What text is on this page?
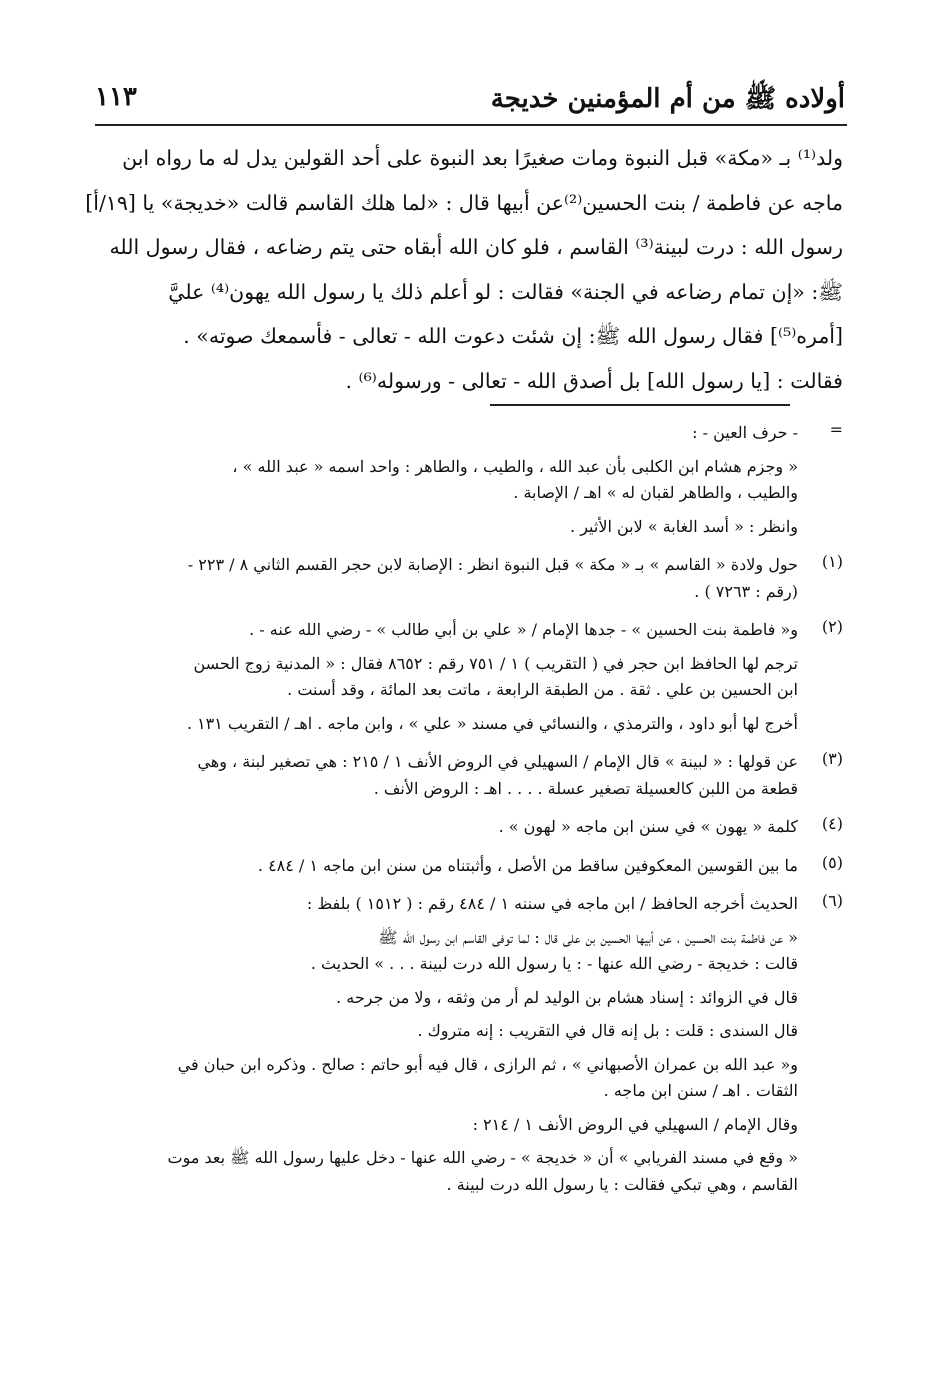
أولاده ﷺ من أم المؤمنين خديجة
١١٣
ولد⁽¹⁾ بـ «مكة» قبل النبوة ومات صغيرًا بعد النبوة على أحد القولين يدل له ما رواه ابن
ماجه عن فاطمة / بنت الحسين⁽²⁾عن أبيها قال : «لما هلك القاسم قالت «خديجة» يا [١٩/أ]
رسول الله : درت لبينة⁽³⁾ القاسم ، فلو كان الله أبقاه حتى يتم رضاعه ، فقال رسول الله
ﷺ: «إن تمام رضاعه في الجنة» فقالت : لو أعلم ذلك يا رسول الله يهون⁽⁴⁾ عليَّ
[أمره⁽⁵⁾] فقال رسول الله ﷺ: إن شئت دعوت الله - تعالى - فأسمعك صوته» .
فقالت : [يا رسول الله] بل أصدق الله - تعالى - ورسوله⁽⁶⁾ .
=
- حرف العين - :
« وجزم هشام ابن الكلبى بأن عبد الله ، والطيب ، والطاهر : واحد اسمه « عبد الله » ،
والطيب ، والطاهر لقبان له » اهـ / الإصابة .
وانظر : « أسد الغابة » لابن الأثير .
(١)
حول ولادة « القاسم » بـ « مكة » قبل النبوة انظر : الإصابة لابن حجر القسم الثاني ٨ / ٢٢٣ -
(رقم : ٧٢٦٣ ) .
(٢)
و« فاطمة بنت الحسين » - جدها الإمام / « علي بن أبي طالب » - رضي الله عنه - .
ترجم لها الحافظ ابن حجر في ( التقريب ) ١ / ٧٥١ رقم : ٨٦٥٢ فقال : « المدنية زوج الحسن
ابن الحسين بن علي . ثقة . من الطبقة الرابعة ، ماتت بعد المائة ، وقد أسنت .
أخرج لها أبو داود ، والترمذي ، والنسائي في مسند « علي » ، وابن ماجه . اهـ / التقريب ١٣١ .
(٣)
عن قولها : « لبينة » قال الإمام / السهيلي في الروض الأنف ١ / ٢١٥ : هي تصغير لبنة ، وهي
قطعة من اللبن كالعسيلة تصغير عسلة . . . . اهـ : الروض الأنف .
(٤)
كلمة « يهون » في سنن ابن ماجه « لهون » .
(٥)
ما بين القوسين المعكوفين ساقط من الأصل ، وأثبتناه من سنن ابن ماجه ١ / ٤٨٤ .
(٦)
الحديث أخرجه الحافظ / ابن ماجه في سننه ١ / ٤٨٤ رقم : ( ١٥١٢ ) بلفظ :
« عن فاطمة بنت الحسين ، عن أبيها الحسين بن على قال : لما توفى القاسم ابن رسول الله ﷺ
قالت : خديجة - رضي الله عنها - : يا رسول الله درت لبينة . . . » الحديث .
قال في الزوائد : إسناد هشام بن الوليد لم أر من وثقه ، ولا من جرحه .
قال السندى : قلت : بل إنه قال في التقريب : إنه متروك .
و« عبد الله بن عمران الأصبهاني » ، ثم الرازى ، قال فيه أبو حاتم : صالح . وذكره ابن حبان في
الثقات . اهـ / سنن ابن ماجه .
وقال الإمام / السهيلي في الروض الأنف ١ / ٢١٤ :
« وقع في مسند الفريابي » أن « خديجة » - رضي الله عنها - دخل عليها رسول الله ﷺ بعد موت
القاسم ، وهي تبكي فقالت : يا رسول الله درت لبينة .
